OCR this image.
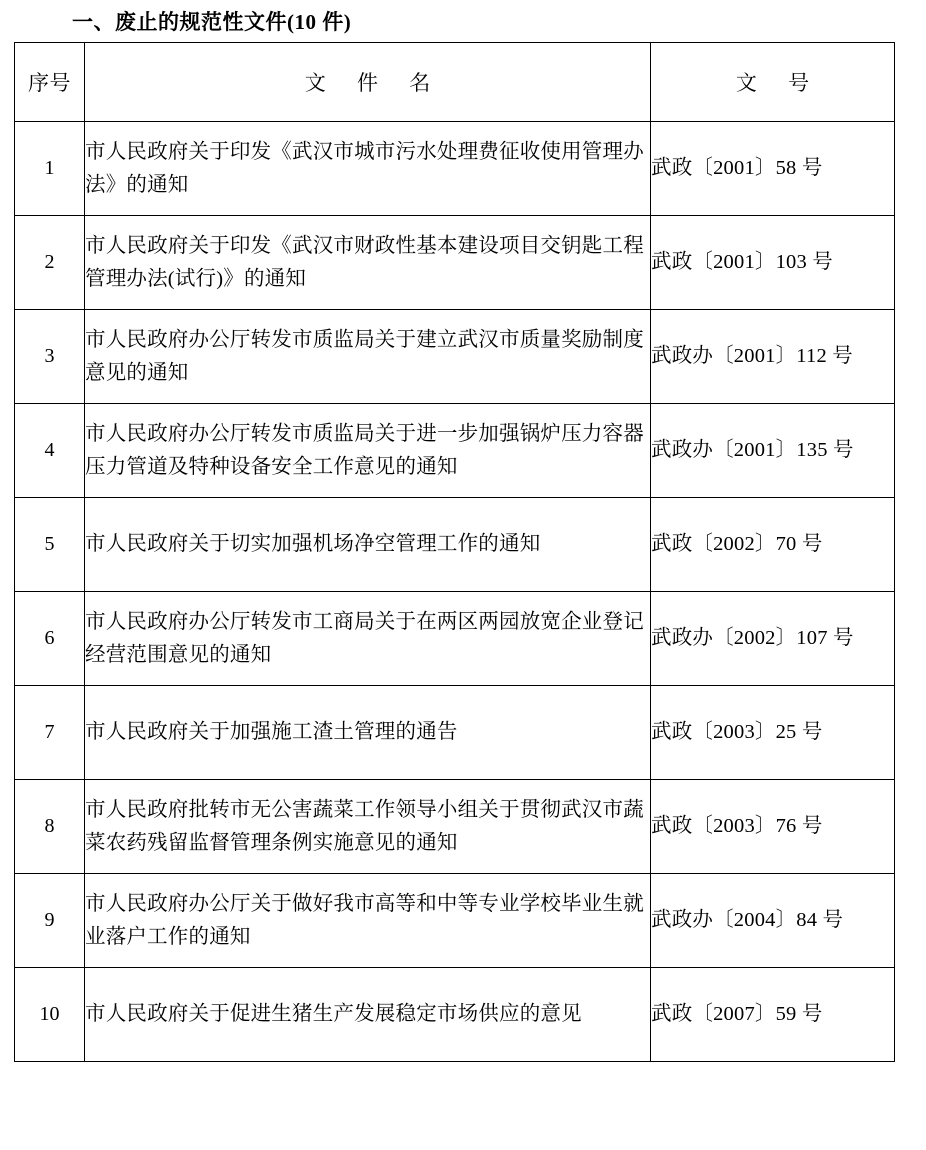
一、废止的规范性文件(10 件)
序号	文 件 名	文 号

1	市人民政府关于印发《武汉市城市污水处理费征收使用管理办法》的通知	武政〔2001〕58 号
2	市人民政府关于印发《武汉市财政性基本建设项目交钥匙工程管理办法(试行)》的通知	武政〔2001〕103 号
3	市人民政府办公厅转发市质监局关于建立武汉市质量奖励制度意见的通知	武政办〔2001〕112 号
4	市人民政府办公厅转发市质监局关于进一步加强锅炉压力容器压力管道及特种设备安全工作意见的通知	武政办〔2001〕135 号
5	市人民政府关于切实加强机场净空管理工作的通知	武政〔2002〕70 号
6	市人民政府办公厅转发市工商局关于在两区两园放宽企业登记经营范围意见的通知	武政办〔2002〕107 号
7	市人民政府关于加强施工渣土管理的通告	武政〔2003〕25 号
8	市人民政府批转市无公害蔬菜工作领导小组关于贯彻武汉市蔬菜农药残留监督管理条例实施意见的通知	武政〔2003〕76 号
9	市人民政府办公厅关于做好我市高等和中等专业学校毕业生就业落户工作的通知	武政办〔2004〕84 号
10	市人民政府关于促进生猪生产发展稳定市场供应的意见	武政〔2007〕59 号
